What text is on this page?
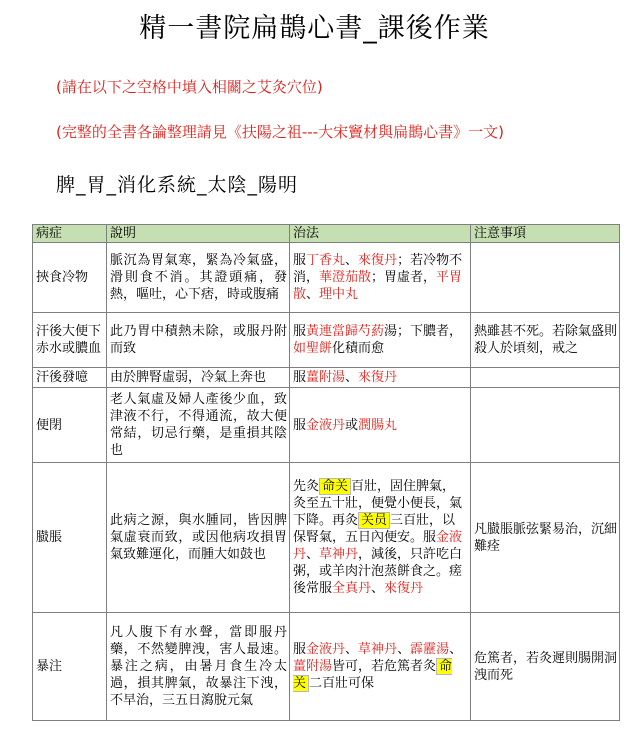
精一書院扁鵲心書_課後作業
(請在以下之空格中填入相關之艾灸穴位)
(完整的全書各論整理請見《扶陽之祖---大宋竇材與扁鵲心書》一文)
脾_胃_消化系統_太陰_陽明
病症	說明	治法	注意事項
挾食冷物	脈沉為胃氣寒，緊為冷氣盛，滑則食不消。其證頭痛，發熱，嘔吐，心下痞，時或腹痛	服丁香丸、來復丹；若冷物不消，華澄茄散；胃虛者，平胃散、理中丸	
汗後大便下赤水或膿血	此乃胃中積熱未除，或服丹附而致	服黃連當歸芍葯湯；下膿者，如聖餅化積而愈	熱雖甚不死。若除氣盛則殺人於頃刻，戒之
汗後發噫	由於脾腎虛弱，冷氣上奔也	服薑附湯、來復丹	
便閉	老人氣虛及婦人產後少血，致津液不行，不得通流，故大便常結，切忌行藥，是重損其陰也	服金液丹或潤腸丸	
臌脹	此病之源，與水腫同，皆因脾氣虛衰而致，或因他病攻損胃氣致難運化，而腫大如鼓也	先灸 命关 百壯，固住脾氣，灸至五十壯，便覺小便長，氣下降。再灸 关员 三百壯，以保腎氣，五日內便安。服金液丹、草神丹，減後，只許吃白粥，或羊肉汁泡蒸餅食之。瘥後常服全真丹、來復丹	凡臌脹脈弦緊易治，沉細難痊
暴注	凡人腹下有水聲，當即服丹藥，不然變脾洩，害人最速。暴注之病，由暑月食生冷太過，損其脾氣，故暴注下洩，不早治，三五日瀉脫元氣	服金液丹、草神丹、霹靂湯、薑附湯皆可，若危篤者灸 命关 二百壯可保	危篤者，若灸遲則腸開洞洩而死
